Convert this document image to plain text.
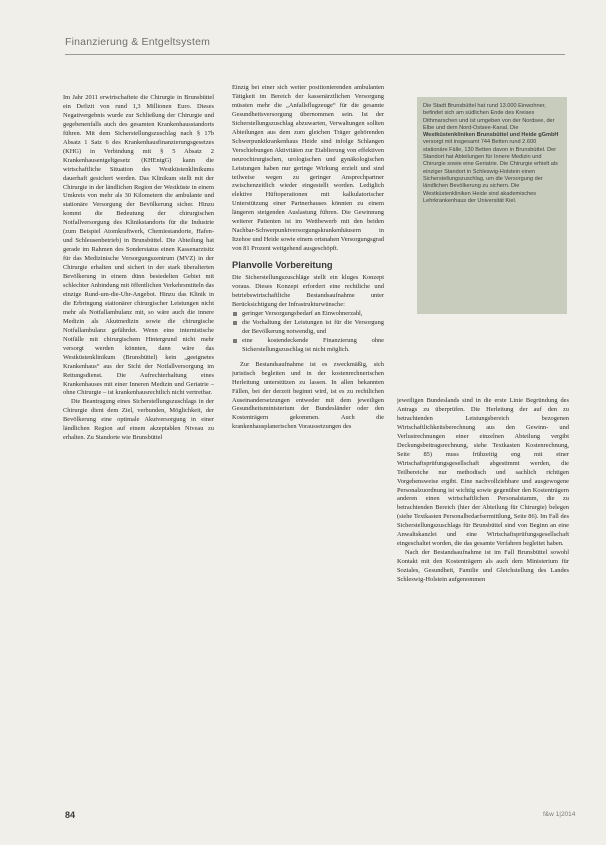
Finanzierung & Entgeltsystem

Im Jahr 2011 erwirtschaftete die Chirurgie in Brunsbüttel ein Defizit von rund 1,3 Millionen Euro. Dieses Negativergebnis wurde zur Schließung der Chirurgie und gegebenenfalls auch des gesamten Krankenhausstandorts führen. Mit dem Sicherstellungszuschlag nach § 17b Absatz 1 Satz 6 des Krankenhausfinanzierungsgesetzes (KHG) in Verbindung mit § 5 Absatz 2 Krankenhausentgeltgesetz (KHEntgG) kann die wirtschaftliche Situation des Westküstenklinikums dauerhaft gesichert werden. Das Klinikum stellt mit der Chirurgie in der ländlichen Region der Westküste in einem Umkreis von mehr als 30 Kilometern die ambulante und stationäre Versorgung der Bevölkerung sicher. Hinzu kommt die Bedeutung der chirurgischen Notfallversorgung des Klinikstandorts für die Industrie (zum Beispiel Atomkraftwerk, Chemiestandorte, Hafen- und Schleusenbetrieb) in Brunsbüttel. Die Abteilung hat gerade im Rahmen des Sonderstatus einen Kassenarztsitz für das Medizinische Versorgungszentrum (MVZ) in der Chirurgie erhalten und sichert in der stark überalterten Bevölkerung in einem dünn besiedelten Gebiet mit schlechter Anbindung mit öffentlichen Verkehrsmitteln das einzige Rund-um-die-Uhr-Angebot. Hinzu das Klinik in die Erbringung stationärer chirurgischer Leistungen nicht mehr als Notfallambulanz mit, so wäre auch die innere Medizin als Akutmedizin sowie die chirurgische Notfallambulanz gefährdet. Wenn eine internistische Notfälle mit chirurgischem Hintergrund nicht mehr versorgt werden könnten, dann wäre das Westküstenklinikum (Brunsbüttel) kein „geeignetes Krankenhaus“ aus der Sicht der Notfallversorgung im Rettungsdienst. Die Aufrechterhaltung eines Krankenhauses mit einer Inneren Medizin und Geriatrie – ohne Chirurgie – ist krankenhausrechtlich nicht vertretbar.

Die Beantragung eines Sicherstellungszuschlags in der Chirurgie dient dem Ziel, verbunden, Möglichkeit, der Bevölkerung eine optimale Akutversorgung in einer ländlichen Region auf einem akzeptablen Niveau zu erhalten. Zu Standorte wie Brunsbüttel

Einzig bei einer sich weiter positionierenden ambulanten Tätigkeit im Bereich der kassenärztlichen Versorgung müssten mehr die „Anfallsflugzeuge“ für die gesamte Gesundheitsversorgung übernommen sein. Ist der Sicherstellungszuschlag abzuwarten, Verwaltungen sollten Abteilungen aus dem zum gleichen Träger gehörenden Schwerpunktkrankenhaus Heide sind infolge Schlangen Verschiebungen Aktivitäten zur Etablierung von effektiven neurochirurgischen, urologischen und gynäkologischen Leistungen haben nur geringe Wirkung erzielt und sind teilweise wegen zu geringer Ansprechpartner zwischenzeitlich wieder eingestellt worden. Lediglich elektive Hüftoperationen mit kalkulatorischer Unterstützung einer Partnerhauses könnten zu einem längeren steigenden Auslastung führen. Die Gewinnung weiterer Patienten ist im Wettbewerb mit den beiden Nachbar-Schwerpunktversorgungskrankenhäusern in Itzehoe und Heide sowie einem ortsnahen Versorgungsgrad von 81 Prozent weitgehend ausgeschöpft.

Planvolle Vorbereitung

Die Sicherstellungszuschläge stellt ein kluges Konzept voraus. Dieses Konzept erfordert eine rechtliche und betriebswirtschaftliche Bestandsaufnahme unter Berücksichtigung der Infrastrukturwünsche:

geringer Versorgungsbedarf an Einwohnerzahl,
die Vorhaltung der Leistungen ist für die Versorgung der Bevölkerung notwendig, und
eine kostendeckende Finanzierung ohne Sicherstellungszuschlag ist nicht möglich.

Zur Bestandsaufnahme ist es zweckmäßig, sich juristisch begleiten und in der kostenrechnerischen Herleitung unterstützen zu lassen. In allen bekannten Fällen, bei der derzeit beginnt wird, ist es zu rechtlichen Auseinandersetzungen entweder mit dem jeweiligen Gesundheitsministerium der Bundesländer oder den Kostenträgern gekommen. Auch die krankenhausplanerischen Voraussetzungen des

Die Stadt Brunsbüttel hat rund 13.000 Einwohner, befindet sich am südlichen Ende des Kreises Dithmarschen und ist umgeben von der Nordsee, der Elbe und dem Nord-Ostsee-Kanal. Die Westküstenkliniken Brunsbüttel und Heide gGmbH versorgt mit insgesamt 744 Betten rund 2.600 stationäre Fälle, 130 Betten davon in Brunsbüttel. Der Standort hat Abteilungen für Innere Medizin und Chirurgie sowie eine Geriatrie. Die Chirurgie erhielt als einziger Standort in Schleswig-Holstein einen Sicherstellungszuschlag, um die Versorgung der ländlichen Bevölkerung zu sichern. Die Westküstenkliniken Heide sind akademisches Lehrkrankenhaus der Universität Kiel.

jeweiligen Bundeslands sind in die erste Linie Begründung des Antrags zu überprüfen. Die Herleitung der auf den zu betrachtenden Leistungsbereich bezogenen Wirtschaftlichkeitsberechnung aus den Gewinn- und Verlustrechnungen einer einzelnen Abteilung vergibt Deckungsbeitragsrechnung, siehe Textkasten Kostenrechnung, Seite 85) muss frühzeitig eng mit einer Wirtschaftsprüfungsgesellschaft abgestimmt werden, die Teilbereiche nur methodisch und sachlich richtigen Vorgehensweise ergibt. Eine nachvollziehbare und ausgewogene Personalzuordnung ist wichtig sowie gegenüber den Kostenträgern anderen einen wirtschaftlichen Personalstamm, die zu betrachtenden Bereich (hier der Abteilung für Chirurgie) belegen (siehe Textkasten Personalbedarfsermittlung, Seite 86). Im Fall des Sicherstellungszuschlags für Brunsbüttel sind von Beginn an eine Anwaltskanzlei und eine Wirtschaftsprüfungsgesellschaft eingeschaltet worden, die das gesamte Verfahren begleitet haben.

Nach der Bestandsaufnahme ist im Fall Brunsbüttel sowohl Kontakt mit den Kostenträgern als auch dem Ministerium für Soziales, Gesundheit, Familie und Gleichstellung des Landes Schleswig-Holstein aufgenommen

84	f&w 1|2014
